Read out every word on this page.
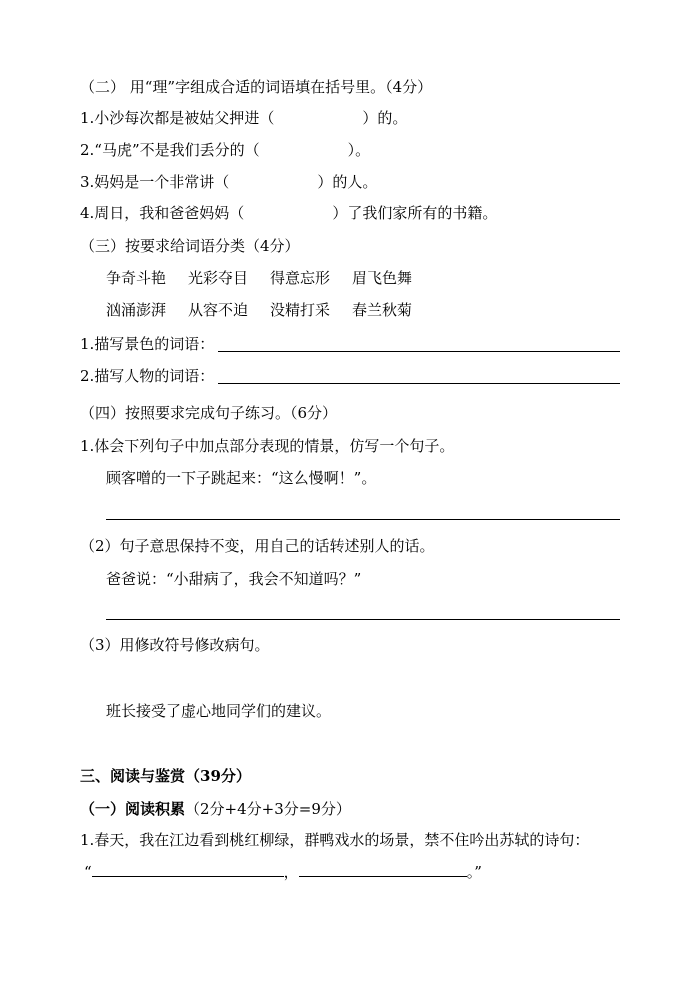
（二） 用“理”字组成合适的词语填在括号里。（4分）
1.小沙每次都是被姑父押进（	）的。
2.“马虎”不是我们丢分的（	）。
3.妈妈是一个非常讲（	）的人。
4.周日，我和爸爸妈妈（	）了我们家所有的书籍。
（三）按要求给词语分类（4分）
争奇斗艳 光彩夺目 得意忘形 眉飞色舞
汹涌澎湃 从容不迫 没精打采 春兰秋菊
1.描写景色的词语：
2.描写人物的词语：
（四）按照要求完成句子练习。（6分）
1.体会下列句子中加点部分表现的情景，仿写一个句子。
顾客噌的一下子跳起来：“这么慢啊！”。
（2）句子意思保持不变，用自己的话转述别人的话。
爸爸说：“小甜病了，我会不知道吗？”
（3）用修改符号修改病句。
班长接受了虚心地同学们的建议。
三、阅读与鉴赏（39分）
（一）阅读积累（2分+4分+3分=9分）
1.春天，我在江边看到桃红柳绿，群鸭戏水的场景，禁不住吟出苏轼的诗句：
“	，	。”
